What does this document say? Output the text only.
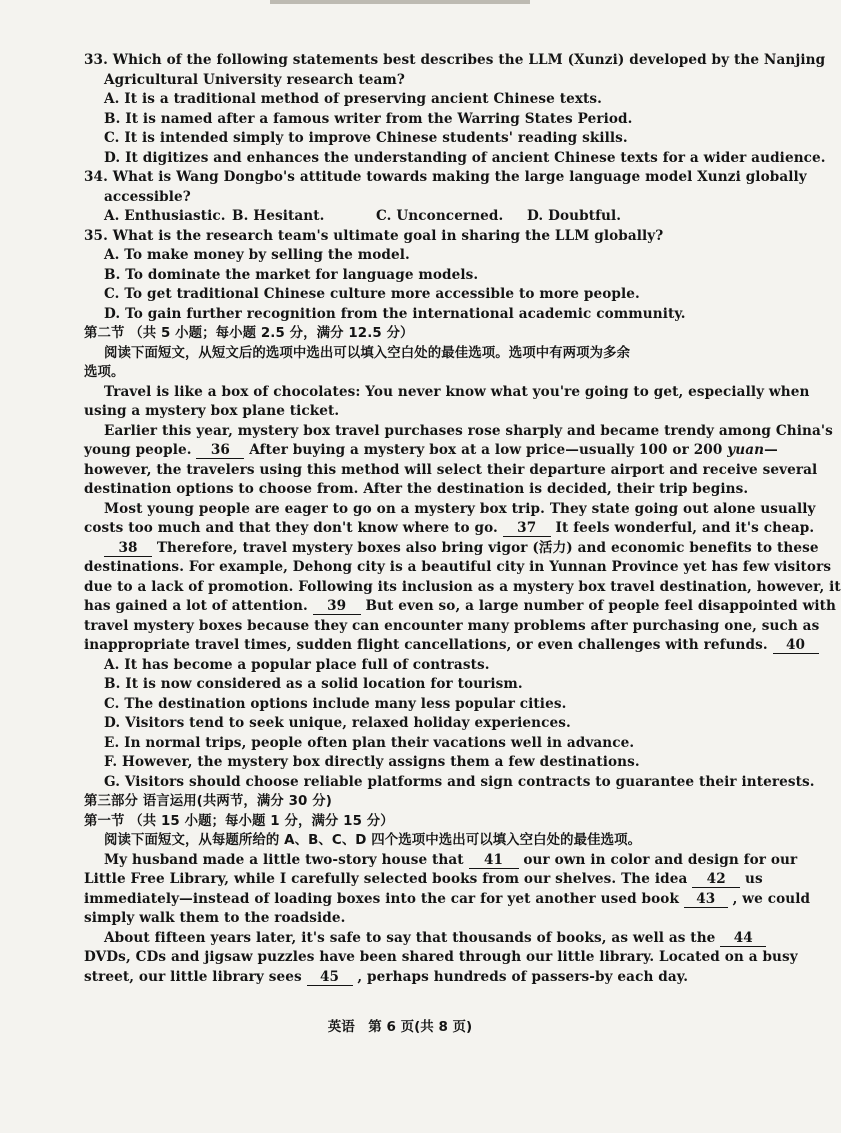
33. Which of the following statements best describes the LLM (Xunzi) developed by the Nanjing
Agricultural University research team?
A. It is a traditional method of preserving ancient Chinese texts.
B. It is named after a famous writer from the Warring States Period.
C. It is intended simply to improve Chinese students' reading skills.
D. It digitizes and enhances the understanding of ancient Chinese texts for a wider audience.
34. What is Wang Dongbo's attitude towards making the large language model Xunzi globally
accessible?
A. Enthusiastic. B. Hesitant.	C. Unconcerned. D. Doubtful.
35. What is the research team's ultimate goal in sharing the LLM globally?
A. To make money by selling the model.
B. To dominate the market for language models.
C. To get traditional Chinese culture more accessible to more people.
D. To gain further recognition from the international academic community.
第二节 （共 5 小题；每小题 2.5 分，满分 12.5 分）
阅读下面短文，从短文后的选项中选出可以填入空白处的最佳选项。选项中有两项为多余
选项。
Travel is like a box of chocolates: You never know what you're going to get, especially when
using a mystery box plane ticket.
Earlier this year, mystery box travel purchases rose sharply and became trendy among China's
young people. 36 After buying a mystery box at a low price—usually 100 or 200 yuan—
however, the travelers using this method will select their departure airport and receive several
destination options to choose from. After the destination is decided, their trip begins.
Most young people are eager to go on a mystery box trip. They state going out alone usually
costs too much and that they don't know where to go. 37 It feels wonderful, and it's cheap.
38 Therefore, travel mystery boxes also bring vigor (活力) and economic benefits to these
destinations. For example, Dehong city is a beautiful city in Yunnan Province yet has few visitors
due to a lack of promotion. Following its inclusion as a mystery box travel destination, however, it
has gained a lot of attention. 39 But even so, a large number of people feel disappointed with
travel mystery boxes because they can encounter many problems after purchasing one, such as
inappropriate travel times, sudden flight cancellations, or even challenges with refunds. 40
A. It has become a popular place full of contrasts.
B. It is now considered as a solid location for tourism.
C. The destination options include many less popular cities.
D. Visitors tend to seek unique, relaxed holiday experiences.
E. In normal trips, people often plan their vacations well in advance.
F. However, the mystery box directly assigns them a few destinations.
G. Visitors should choose reliable platforms and sign contracts to guarantee their interests.
第三部分 语言运用(共两节，满分 30 分)
第一节 （共 15 小题；每小题 1 分，满分 15 分）
阅读下面短文，从每题所给的 A、B、C、D 四个选项中选出可以填入空白处的最佳选项。
My husband made a little two-story house that 41 our own in color and design for our
Little Free Library, while I carefully selected books from our shelves. The idea 42 us
immediately—instead of loading boxes into the car for yet another used book 43 , we could
simply walk them to the roadside.
About fifteen years later, it's safe to say that thousands of books, as well as the 44
DVDs, CDs and jigsaw puzzles have been shared through our little library. Located on a busy
street, our little library sees 45 , perhaps hundreds of passers-by each day.
英语　第 6 页(共 8 页)
